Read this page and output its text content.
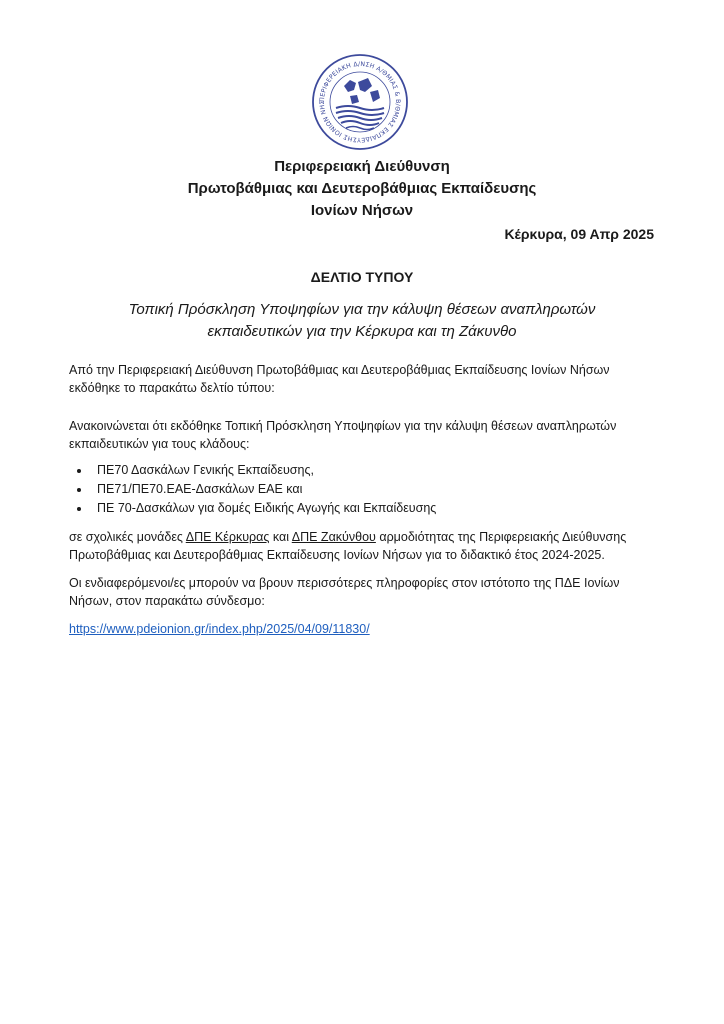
ΠΕΡΙΦΕΡΕΙΑΚΗ Δ/ΝΣΗ Α/ΘΜΙΑΣ & Β/ΘΜΙΑΣ ΕΚΠΑΙΔΕΥΣΗΣ ΙΟΝΙΩΝ ΝΗΣ
Περιφερειακή Διεύθυνση
Πρωτοβάθμιας και Δευτεροβάθμιας Εκπαίδευσης
Ιονίων Νήσων
Κέρκυρα, 09 Απρ 2025
ΔΕΛΤΙΟ ΤΥΠΟΥ
Τοπική Πρόσκληση Υποψηφίων για την κάλυψη θέσεων αναπληρωτών
εκπαιδευτικών για την Κέρκυρα και τη Ζάκυνθο

Από την Περιφερειακή Διεύθυνση Πρωτοβάθμιας και Δευτεροβάθμιας Εκπαίδευσης Ιονίων Νήσων εκδόθηκε το παρακάτω δελτίο τύπου:

Ανακοινώνεται ότι εκδόθηκε Τοπική Πρόσκληση Υποψηφίων για την κάλυψη θέσεων αναπληρωτών εκπαιδευτικών για τους κλάδους:

• ΠΕ70 Δασκάλων Γενικής Εκπαίδευσης,
• ΠΕ71/ΠΕ70.ΕΑΕ-Δασκάλων ΕΑΕ και
• ΠΕ 70-Δασκάλων για δομές Ειδικής Αγωγής και Εκπαίδευσης

σε σχολικές μονάδες ΔΠΕ Κέρκυρας και ΔΠΕ Ζακύνθου αρμοδιότητας της Περιφερειακής Διεύθυνσης Πρωτοβάθμιας και Δευτεροβάθμιας Εκπαίδευσης Ιονίων Νήσων για το διδακτικό έτος 2024-2025.

Οι ενδιαφερόμενοι/ες μπορούν να βρουν περισσότερες πληροφορίες στον ιστότοπο της ΠΔΕ Ιονίων Νήσων, στον παρακάτω σύνδεσμο:

https://www.pdeionion.gr/index.php/2025/04/09/11830/
